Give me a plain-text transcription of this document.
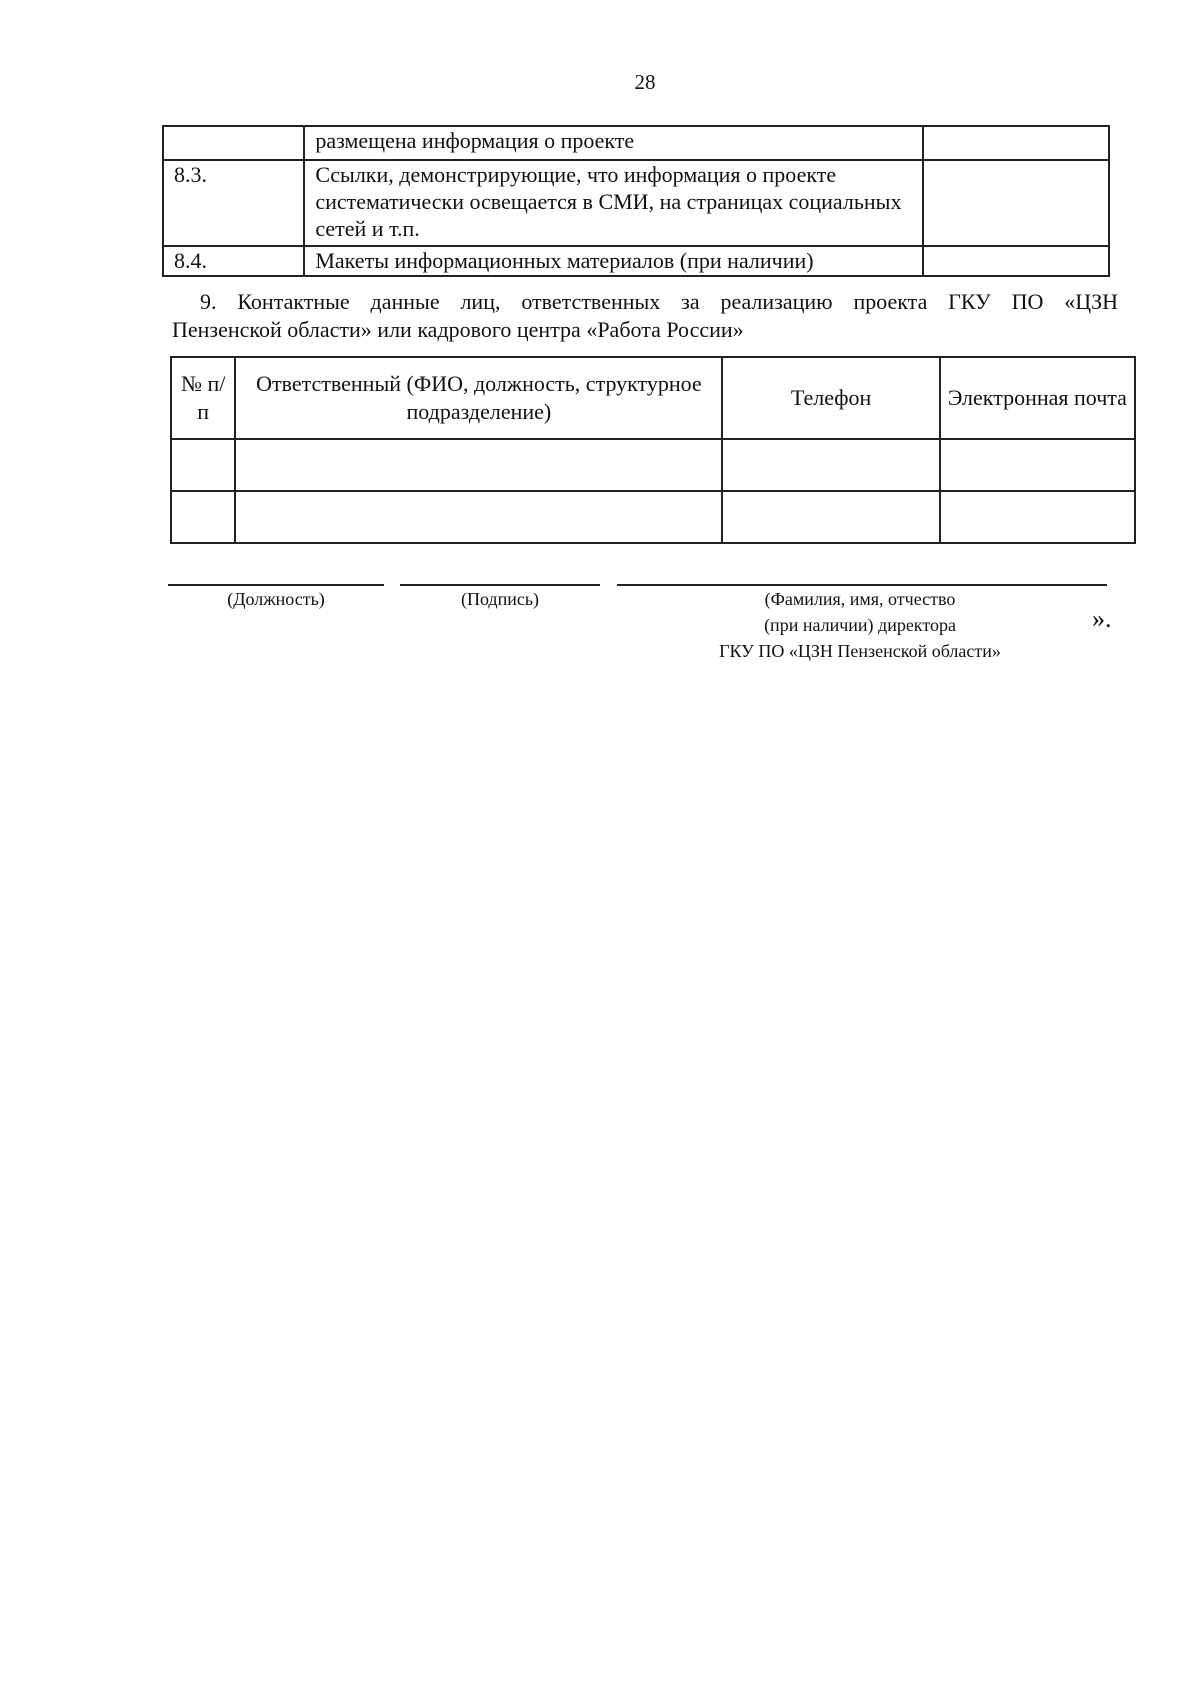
28
	размещена информация о проекте	
8.3.	Ссылки, демонстрирующие, что информация о проекте систематически освещается в СМИ, на страницах социальных сетей и т.п.	
8.4.	Макеты информационных материалов (при наличии)	
9. Контактные данные лиц, ответственных за реализацию проекта ГКУ ПО «ЦЗН
Пензенской области» или кадрового центра «Работа России»
№ п/п	Ответственный (ФИО, должность, структурное подразделение)	Телефон	Электронная почта

(Должность)	(Подпись)	(Фамилия, имя, отчество
(при наличии) директора
ГКУ ПО «ЦЗН Пензенской области»
».
